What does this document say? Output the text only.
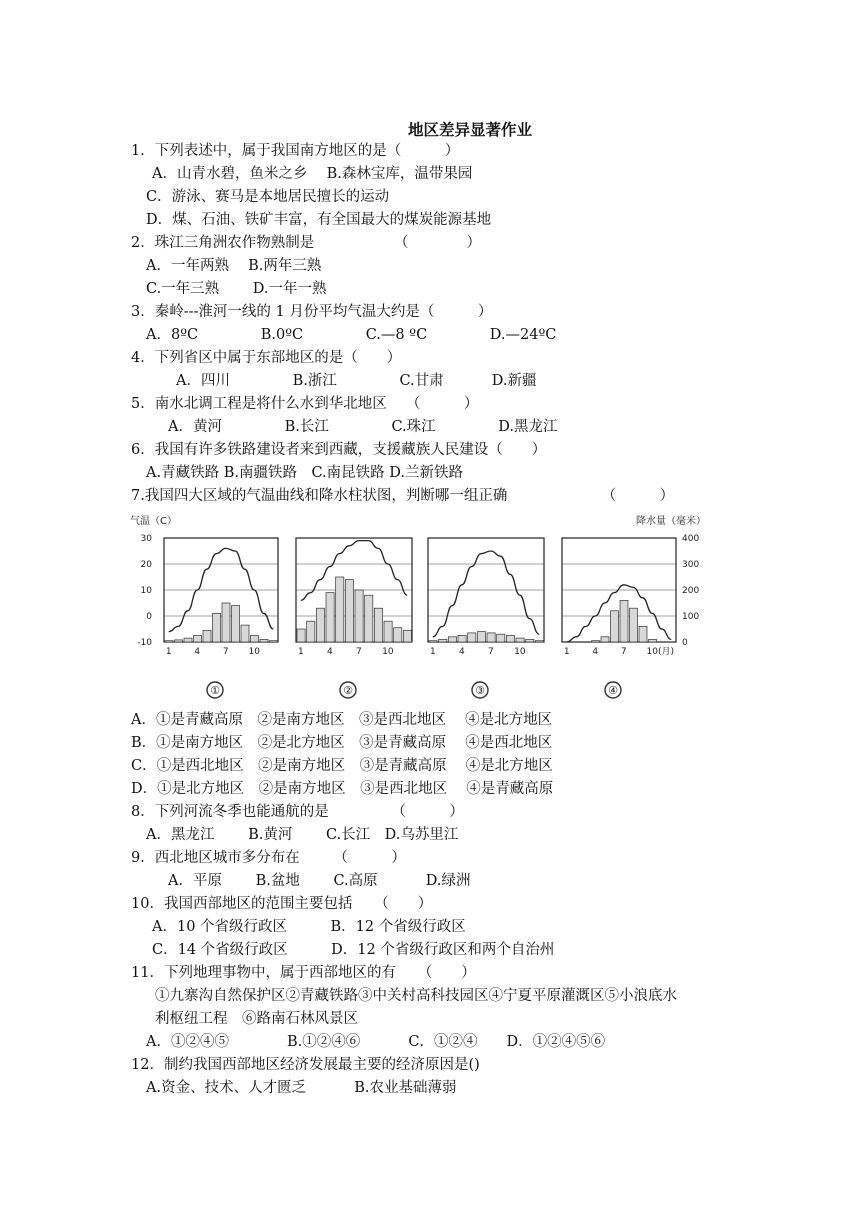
地区差异显著作业
1．下列表述中，属于我国南方地区的是（　　　）
A．山青水碧，鱼米之乡　 B.森林宝库，温带果园
C．游泳、赛马是本地居民擅长的运动
D．煤、石油、铁矿丰富，有全国最大的煤炭能源基地
2．珠江三角洲农作物熟制是　　　　　　（　　　　）
A．一年两熟　 B.两年三熟
C.一年三熟　　 D.一年一熟
3．秦岭---淮河一线的 1 月份平均气温大约是（　　　）
A．8ºC　　　　 B.0ºC　　　　 C.—8 ºC　　　　 D.—24ºC
4．下列省区中属于东部地区的是（　　）
A．四川　　　　 B.浙江　　　　 C.甘肃　　　 D.新疆
5．南水北调工程是将什么水到华北地区　 （　　　）
A．黄河　　　　 B.长江　　　　 C.珠江　　　　 D.黑龙江
6．我国有许多铁路建设者来到西藏，支援藏族人民建设（　　）
A.青藏铁路 B.南疆铁路　C.南昆铁路 D.兰新铁路
7.我国四大区域的气温曲线和降水柱状图，判断哪一组正确　　　　　　　（　　　）
A．①是青藏高原　②是南方地区　③是西北地区　 ④是北方地区
B．①是南方地区　②是北方地区　③是青藏高原　 ④是西北地区
C．①是西北地区　②是南方地区　③是青藏高原　 ④是北方地区
D．①是北方地区　②是南方地区　③是西北地区　 ④是青藏高原
8．下列河流冬季也能通航的是　　　　 （　　　）
A．黑龙江　　 B.黄河　　 C.长江　D.乌苏里江
9．西北地区城市多分布在　　 （　　　）
A．平原　　 B.盆地　　 C.高原　　　 D.绿洲
10．我国西部地区的范围主要包括　　（　　）
A．10 个省级行政区　　　B．12 个省级行政区
C．14 个省级行政区　　　D．12 个省级行政区和两个自治州
11．下列地理事物中，属于西部地区的有　　（　　）
①九寨沟自然保护区②青藏铁路③中关村高科技园区④宁夏平原灌溉区⑤小浪底水
利枢纽工程　⑥路南石林风景区
A．①②④⑤　　　　B.①②④⑥　　　 C．①②④　　D．①②④⑤⑥
12．制约我国西部地区经济发展最主要的经济原因是()
A.资金、技术、人才匮乏　　　 B.农业基础薄弱
气温（C）	降水量（毫米）
30
20
10
0
-10
400
300
200
100
0
1	4	7 10
①
1	4	7 10
②
1	4	7 10
③
1	4	7 10(月)
④
